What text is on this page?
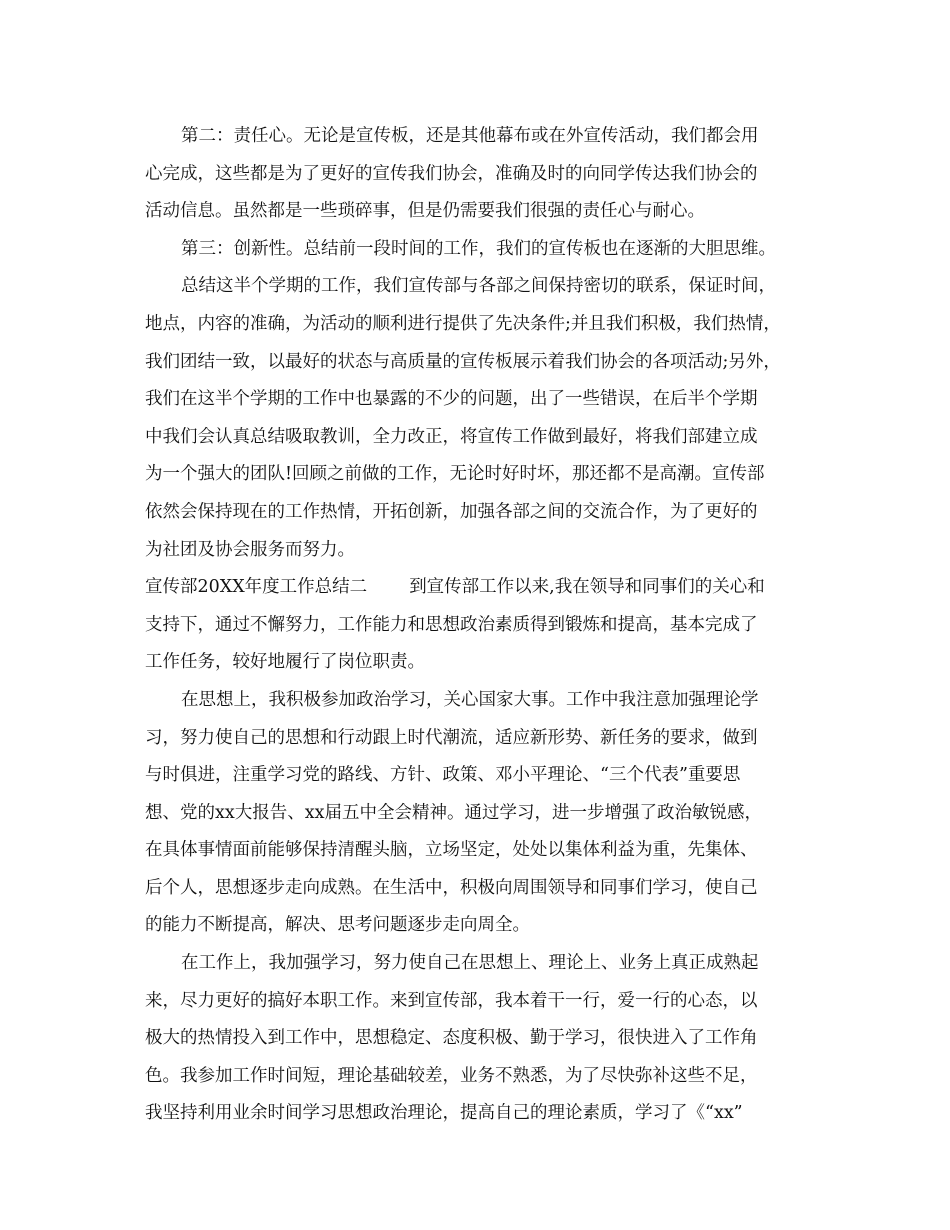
第二：责任心。无论是宣传板，还是其他幕布或在外宣传活动，我们都会用
心完成，这些都是为了更好的宣传我们协会，准确及时的向同学传达我们协会的
活动信息。虽然都是一些琐碎事，但是仍需要我们很强的责任心与耐心。
第三：创新性。总结前一段时间的工作，我们的宣传板也在逐渐的大胆思维。
总结这半个学期的工作，我们宣传部与各部之间保持密切的联系，保证时间，
地点，内容的准确，为活动的顺利进行提供了先决条件;并且我们积极，我们热情，
我们团结一致，以最好的状态与高质量的宣传板展示着我们协会的各项活动;另外，
我们在这半个学期的工作中也暴露的不少的问题，出了一些错误，在后半个学期
中我们会认真总结吸取教训，全力改正，将宣传工作做到最好，将我们部建立成
为一个强大的团队!回顾之前做的工作，无论时好时坏，那还都不是高潮。宣传部
依然会保持现在的工作热情，开拓创新，加强各部之间的交流合作，为了更好的
为社团及协会服务而努力。
宣传部20XX年度工作总结二 到宣传部工作以来,我在领导和同事们的关心和
支持下，通过不懈努力，工作能力和思想政治素质得到锻炼和提高，基本完成了
工作任务，较好地履行了岗位职责。
在思想上，我积极参加政治学习，关心国家大事。工作中我注意加强理论学
习，努力使自己的思想和行动跟上时代潮流，适应新形势、新任务的要求，做到
与时俱进，注重学习党的路线、方针、政策、邓小平理论、“三个代表”重要思
想、党的xx大报告、xx届五中全会精神。通过学习，进一步增强了政治敏锐感，
在具体事情面前能够保持清醒头脑，立场坚定，处处以集体利益为重，先集体、
后个人，思想逐步走向成熟。在生活中，积极向周围领导和同事们学习，使自己
的能力不断提高，解决、思考问题逐步走向周全。
在工作上，我加强学习，努力使自己在思想上、理论上、业务上真正成熟起
来，尽力更好的搞好本职工作。来到宣传部，我本着干一行，爱一行的心态，以
极大的热情投入到工作中，思想稳定、态度积极、勤于学习，很快进入了工作角
色。我参加工作时间短，理论基础较差，业务不熟悉，为了尽快弥补这些不足，
我坚持利用业余时间学习思想政治理论，提高自己的理论素质，学习了《“xx”
